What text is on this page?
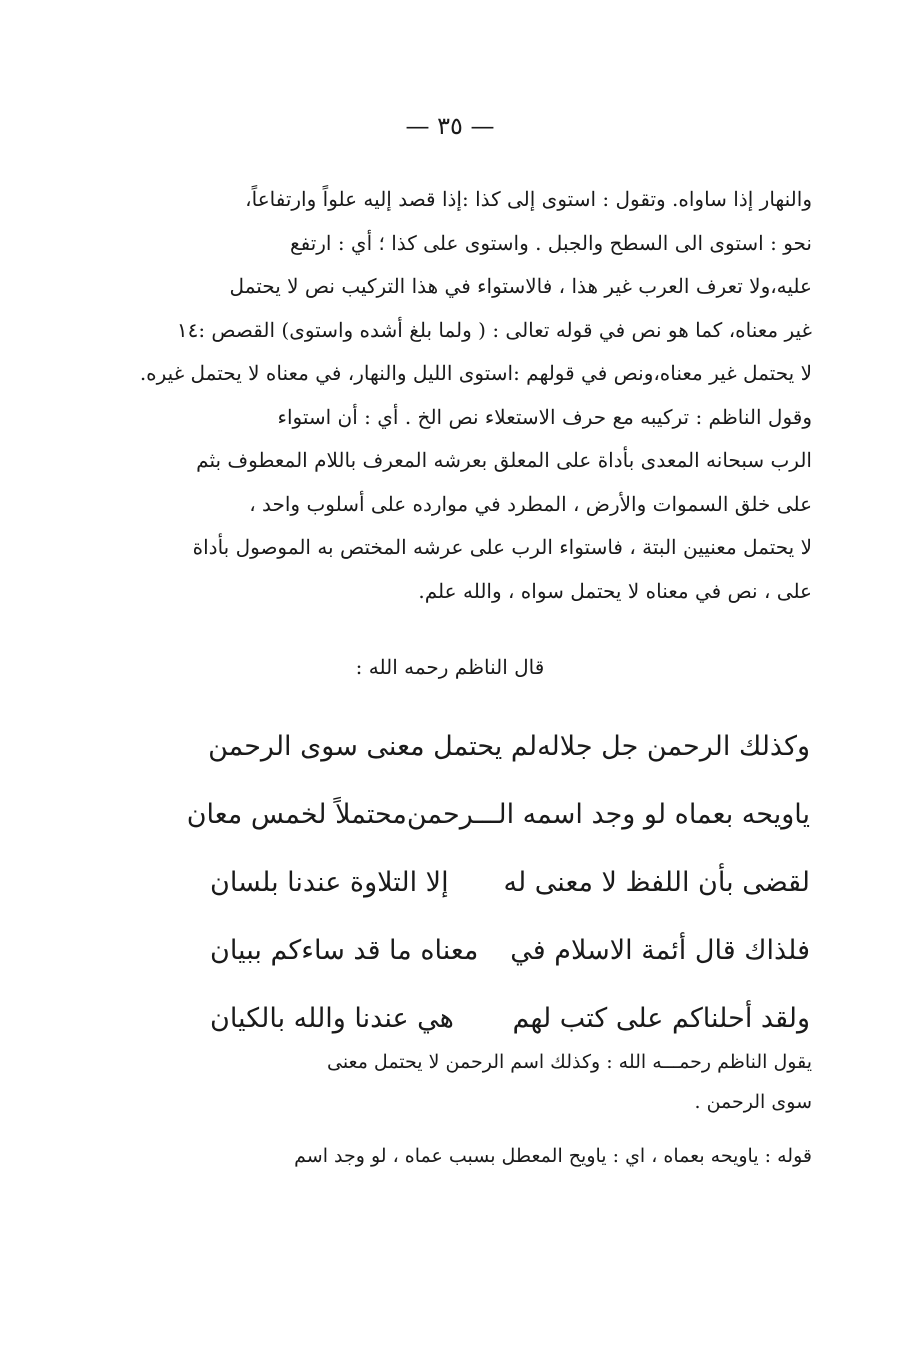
— ٣٥ —
والنهار إذا ساواه. وتقول : استوى إلى كذا :إذا قصد إليه علواً وارتفاعاً،
نحو : استوى الى السطح والجبل . واستوى على كذا ؛ أي : ارتفع
عليه،ولا تعرف العرب غير هذا ، فالاستواء في هذا التركيب نص لا يحتمل
غير معناه، كما هو نص في قوله تعالى : ( ولما بلغ أشده واستوى) القصص :١٤
لا يحتمل غير معناه،ونص في قولهم :استوى الليل والنهار، في معناه لا يحتمل غيره.
وقول الناظم : تركيبه مع حرف الاستعلاء نص الخ . أي : أن استواء
الرب سبحانه المعدى بأداة على المعلق بعرشه المعرف باللام المعطوف بثم
على خلق السموات والأرض ، المطرد في موارده على أسلوب واحد ،
لا يحتمل معنيين البتة ، فاستواء الرب على عرشه المختص به الموصول بأداة
على ، نص في معناه لا يحتمل سواه ، والله علم.
قال الناظم رحمه الله :
وكذلك الرحمن جل جلاله
لم يحتمل معنى سوى الرحمن
ياويحه بعماه لو وجد اسمه الـــرحمن
محتملاً لخمس معان
لقضى بأن اللفظ لا معنى له
إلا التلاوة عندنا بلسان
فلذاك قال أئمة الاسلام في
معناه ما قد ساءكم ببيان
ولقد أحلناكم على كتب لهم
هي عندنا والله بالكيان
يقول الناظم رحمـــه الله : وكذلك اسم الرحمن لا يحتمل معنى
سوى الرحمن .
قوله : ياويحه بعماه ، اي : ياويح المعطل بسبب عماه ، لو وجد اسم
